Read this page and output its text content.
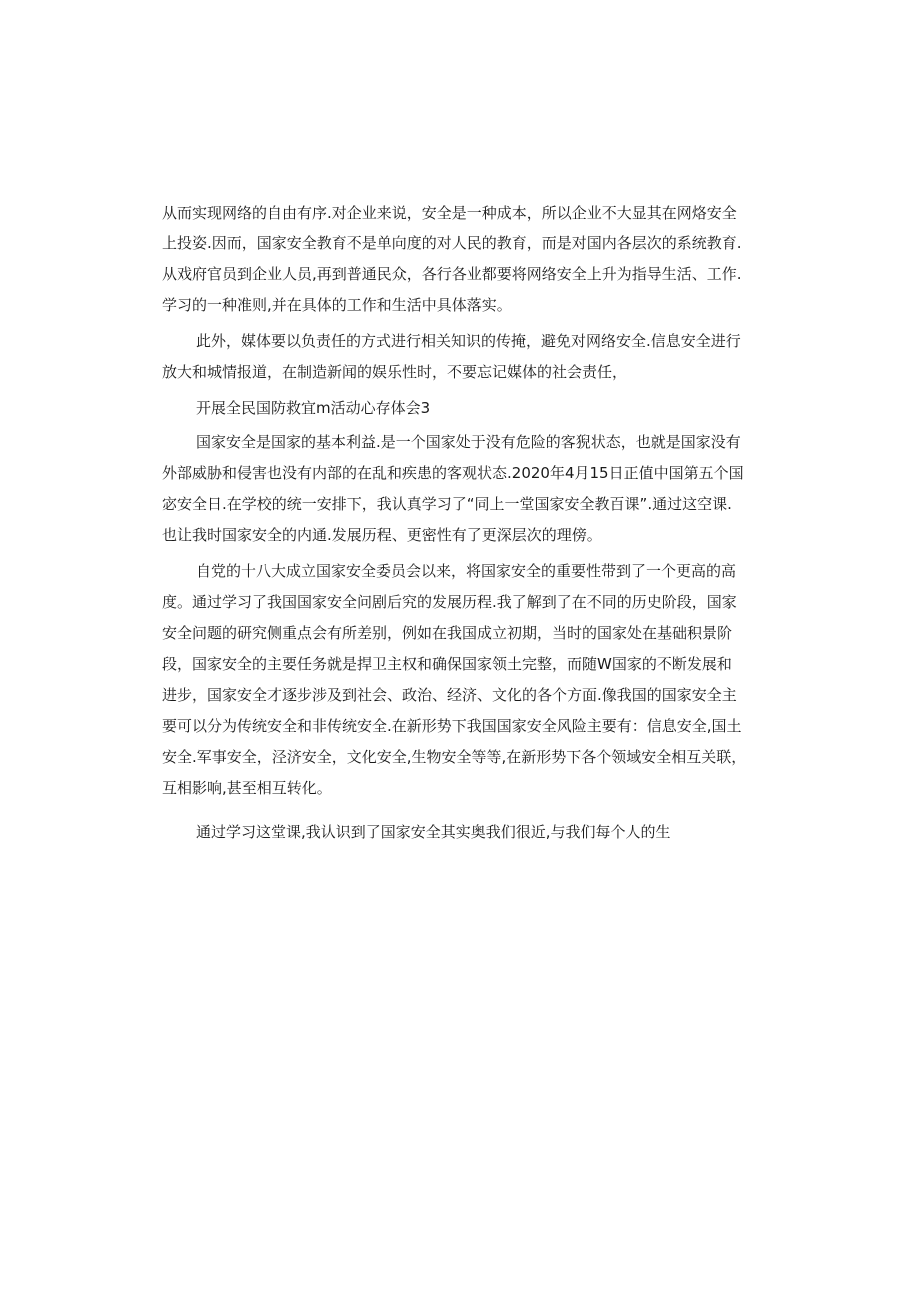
从而实现网络的自由有序.对企业来说，安全是一种成本，所以企业不大显其在网烙安全
上投姿.因而，国家安全教育不是单向度的对人民的教育，而是对国内各层次的系统教育.
从戏府官员到企业人员,再到普通民众，各行各业都要将网络安全上升为指导生活、工作.
学习的一种准则,并在具体的工作和生活中具体落实。
此外，媒体要以负责任的方式进行相关知识的传掩，避免对网络安全.信息安全进行
放大和城情报道，在制造新闻的娱乐性时，不要忘记媒体的社会责任，
开展全民国防救宜m活动心存体会3
国家安全是国家的基本利益.是一个国家处于没有危险的客猊状态，也就是国家没有
外部威胁和侵害也没有内部的在乱和疾患的客观状态.2020年4月15日正值中国第五个国
宓安全日.在学校的统一安排下，我认真学习了“同上一堂国家安全教百课”.通过这空课.
也让我时国家安全的内通.发展历程、更密性有了更深层次的理傍。
自党的十八大成立国家安全委员会以来，将国家安全的重要性带到了一个更高的高
度。通过学习了我国国家安全问剧后究的发展历程.我了解到了在不同的历史阶段，国家
安全问题的研究侧重点会有所差别，例如在我国成立初期，当时的国家处在基础积景阶
段，国家安全的主要任务就是捍卫主权和确保国家领土完整，而随W国家的不断发展和
进步，国家安全才逐步涉及到社会、政治、经济、文化的各个方面.像我国的国家安全主
要可以分为传统安全和非传统安全.在新形势下我国国家安全风险主要有：信息安全,国土
安全.军事安全，泾济安全，文化安全,生物安全等等,在新形势下各个领域安全相互关联，
互相影响,甚至相互转化。
通过学习这堂课,我认识到了国家安全其实奥我们很近,与我们每个人的生
